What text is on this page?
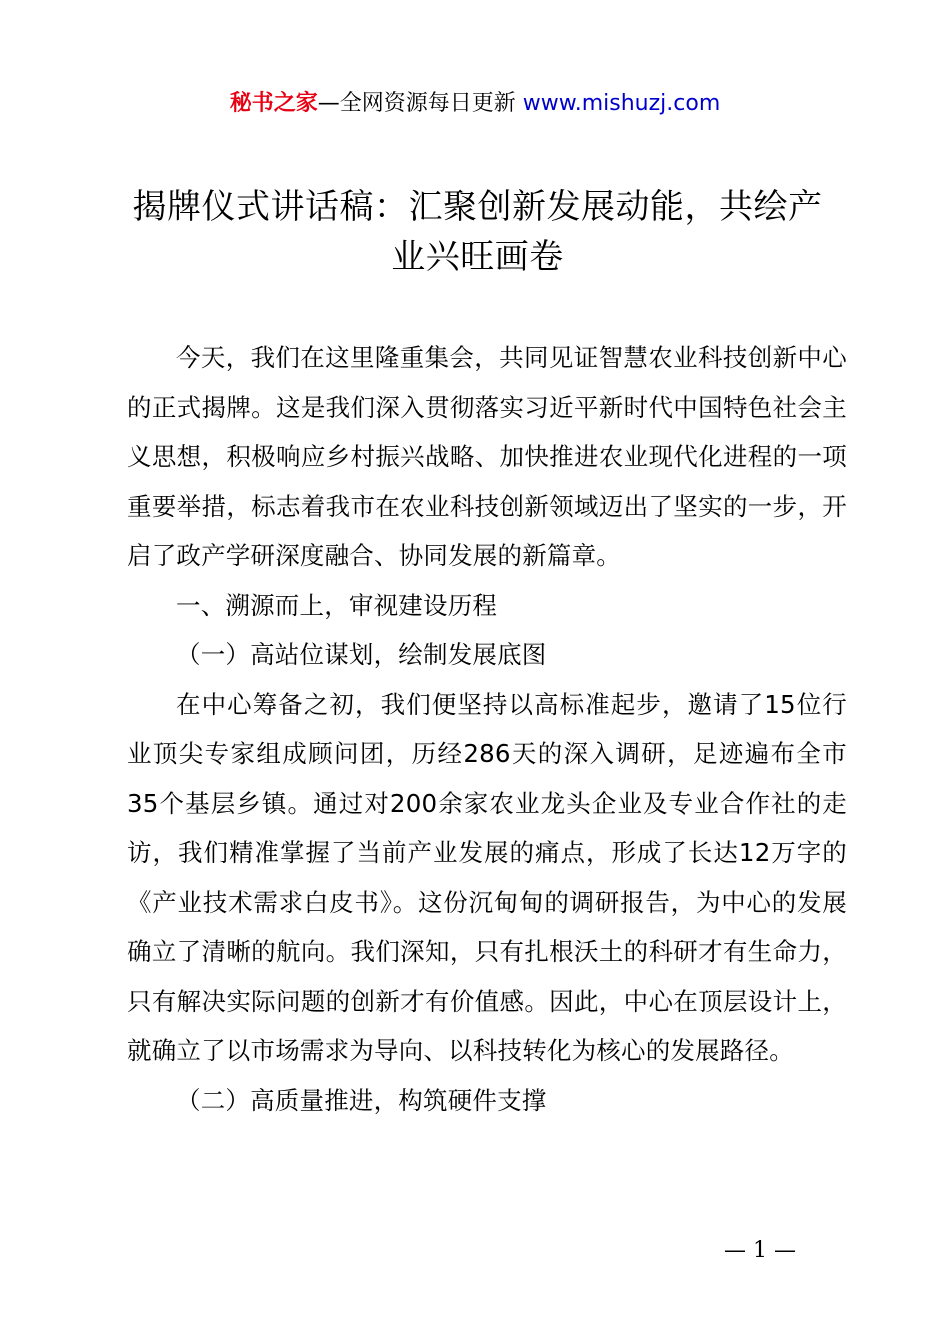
秘书之家—全网资源每日更新 www.mishuzj.com
揭牌仪式讲话稿：汇聚创新发展动能，共绘产业兴旺画卷

今天，我们在这里隆重集会，共同见证智慧农业科技创新中心的正式揭牌。这是我们深入贯彻落实习近平新时代中国特色社会主义思想，积极响应乡村振兴战略、加快推进农业现代化进程的一项重要举措，标志着我市在农业科技创新领域迈出了坚实的一步，开启了政产学研深度融合、协同发展的新篇章。

一、溯源而上，审视建设历程

（一）高站位谋划，绘制发展底图

在中心筹备之初，我们便坚持以高标准起步，邀请了15位行业顶尖专家组成顾问团，历经286天的深入调研，足迹遍布全市35个基层乡镇。通过对200余家农业龙头企业及专业合作社的走访，我们精准掌握了当前产业发展的痛点，形成了长达12万字的《产业技术需求白皮书》。这份沉甸甸的调研报告，为中心的发展确立了清晰的航向。我们深知，只有扎根沃土的科研才有生命力，只有解决实际问题的创新才有价值感。因此，中心在顶层设计上，就确立了以市场需求为导向、以科技转化为核心的发展路径。

（二）高质量推进，构筑硬件支撑

— 1 —
